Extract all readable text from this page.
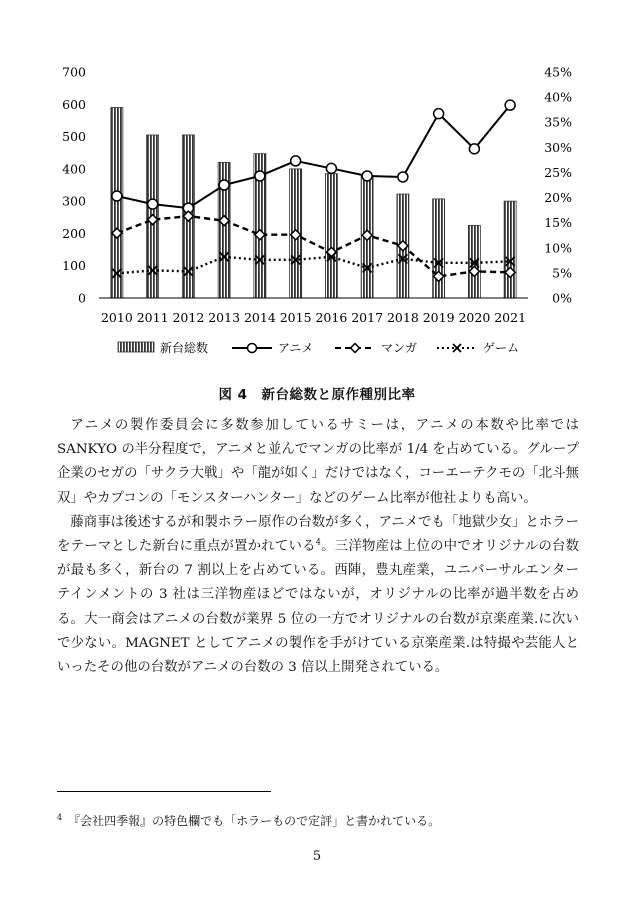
0
100
200
300
400
500
600
700
0%
5%
10%
15%
20%
25%
30%
35%
40%
45%
2010 2011 2012 2013 2014 2015 2016 2017 2018 2019 2020 2021
新台総数	アニメ	マンガ	ゲーム
図 4　新台総数と原作種別比率

アニメの製作委員会に多数参加しているサミーは，アニメの本数や比率ではSANKYO の半分程度で，アニメと並んでマンガの比率が 1/4 を占めている。グループ企業のセガの「サクラ大戦」や「龍が如く」だけではなく，コーエーテクモの「北斗無双」やカプコンの「モンスターハンター」などのゲーム比率が他社よりも高い。

藤商事は後述するが和製ホラー原作の台数が多く，アニメでも「地獄少女」とホラーをテーマとした新台に重点が置かれている$^4$。三洋物産は上位の中でオリジナルの台数が最も多く，新台の 7 割以上を占めている。西陣，豊丸産業，ユニバーサルエンターテインメントの 3 社は三洋物産ほどではないが，オリジナルの比率が過半数を占める。大一商会はアニメの台数が業界 5 位の一方でオリジナルの台数が京楽産業.に次いで少ない。MAGNET としてアニメの製作を手がけている京楽産業.は特撮や芸能人といったその他の台数がアニメの台数の 3 倍以上開発されている。

$^4$ 『会社四季報』の特色欄でも「ホラーもので定評」と書かれている。
5
